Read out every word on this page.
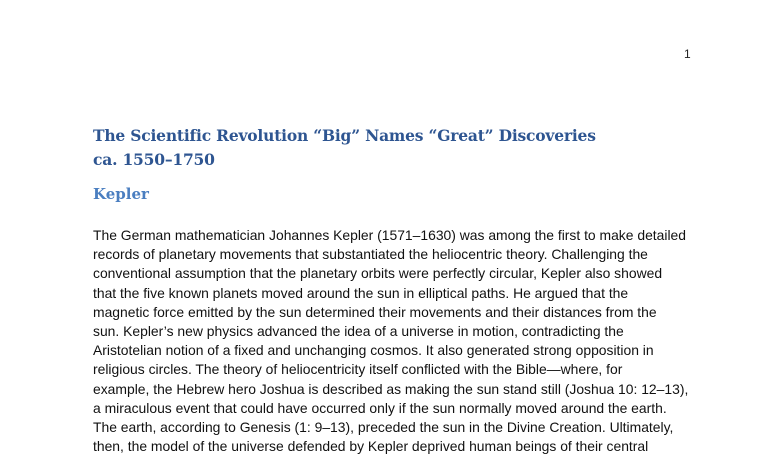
1
The Scientific Revolution “Big” Names “Great” Discoveries
ca. 1550–1750
Kepler
The German mathematician Johannes Kepler (1571–1630) was among the first to make detailed
records of planetary movements that substantiated the heliocentric theory. Challenging the
conventional assumption that the planetary orbits were perfectly circular, Kepler also showed
that the five known planets moved around the sun in elliptical paths. He argued that the
magnetic force emitted by the sun determined their movements and their distances from the
sun. Kepler’s new physics advanced the idea of a universe in motion, contradicting the
Aristotelian notion of a fixed and unchanging cosmos. It also generated strong opposition in
religious circles. The theory of heliocentricity itself conflicted with the Bible—where, for
example, the Hebrew hero Joshua is described as making the sun stand still (Joshua 10: 12–13),
a miraculous event that could have occurred only if the sun normally moved around the earth.
The earth, according to Genesis (1: 9–13), preceded the sun in the Divine Creation. Ultimately,
then, the model of the universe defended by Kepler deprived human beings of their central
